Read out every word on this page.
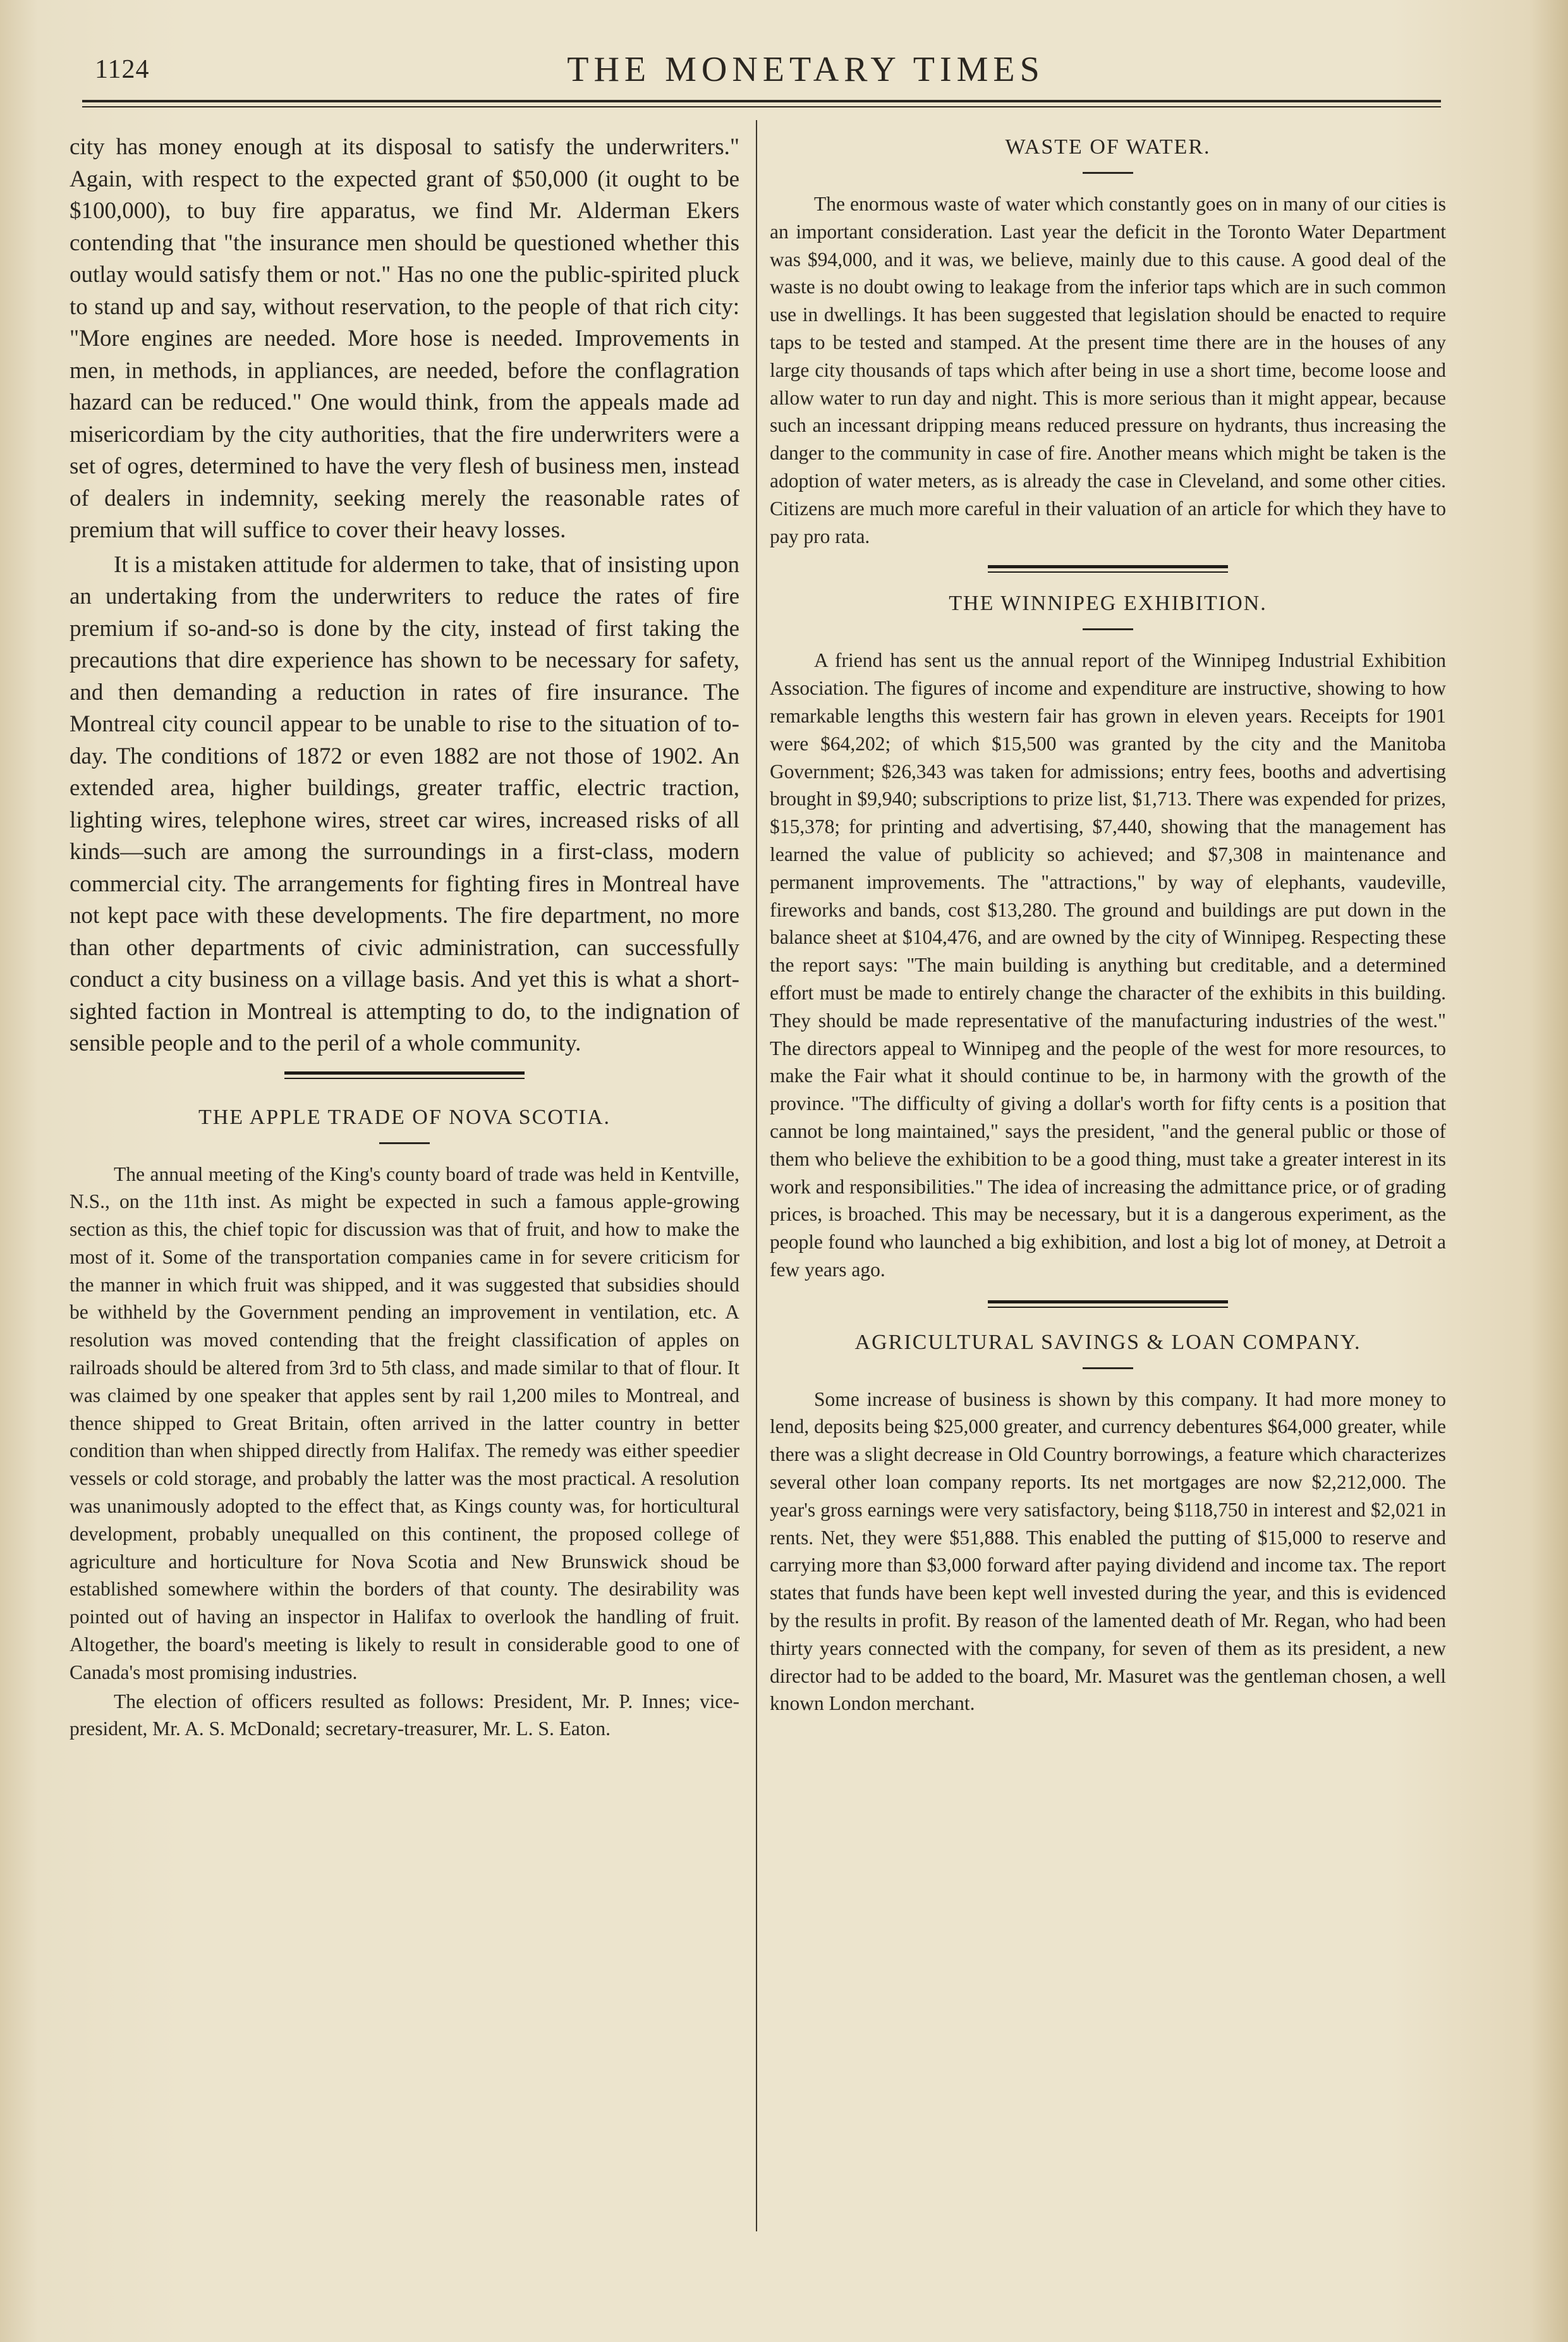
1124	THE MONETARY TIMES

city has money enough at its disposal to satisfy the underwriters." Again, with respect to the expected grant of $50,000 (it ought to be $100,000), to buy fire apparatus, we find Mr. Alderman Ekers contending that "the insurance men should be questioned whether this outlay would satisfy them or not." Has no one the public-spirited pluck to stand up and say, without reservation, to the people of that rich city: "More engines are needed. More hose is needed. Improvements in men, in methods, in appliances, are needed, before the conflagration hazard can be reduced." One would think, from the appeals made ad misericordiam by the city authorities, that the fire underwriters were a set of ogres, determined to have the very flesh of business men, instead of dealers in indemnity, seeking merely the reasonable rates of premium that will suffice to cover their heavy losses.

It is a mistaken attitude for aldermen to take, that of insisting upon an undertaking from the underwriters to reduce the rates of fire premium if so-and-so is done by the city, instead of first taking the precautions that dire experience has shown to be necessary for safety, and then demanding a reduction in rates of fire insurance. The Montreal city council appear to be unable to rise to the situation of to-day. The conditions of 1872 or even 1882 are not those of 1902. An extended area, higher buildings, greater traffic, electric traction, lighting wires, telephone wires, street car wires, increased risks of all kinds—such are among the surroundings in a first-class, modern commercial city. The arrangements for fighting fires in Montreal have not kept pace with these developments. The fire department, no more than other departments of civic administration, can successfully conduct a city business on a village basis. And yet this is what a short-sighted faction in Montreal is attempting to do, to the indignation of sensible people and to the peril of a whole community.

THE APPLE TRADE OF NOVA SCOTIA.

The annual meeting of the King's county board of trade was held in Kentville, N.S., on the 11th inst. As might be expected in such a famous apple-growing section as this, the chief topic for discussion was that of fruit, and how to make the most of it. Some of the transportation companies came in for severe criticism for the manner in which fruit was shipped, and it was suggested that subsidies should be withheld by the Government pending an improvement in ventilation, etc. A resolution was moved contending that the freight classification of apples on railroads should be altered from 3rd to 5th class, and made similar to that of flour. It was claimed by one speaker that apples sent by rail 1,200 miles to Montreal, and thence shipped to Great Britain, often arrived in the latter country in better condition than when shipped directly from Halifax. The remedy was either speedier vessels or cold storage, and probably the latter was the most practical. A resolution was unanimously adopted to the effect that, as Kings county was, for horticultural development, probably unequalled on this continent, the proposed college of agriculture and horticulture for Nova Scotia and New Brunswick shoud be established somewhere within the borders of that county. The desirability was pointed out of having an inspector in Halifax to overlook the handling of fruit. Altogether, the board's meeting is likely to result in considerable good to one of Canada's most promising industries.

The election of officers resulted as follows: President, Mr. P. Innes; vice-president, Mr. A. S. McDonald; secretary-treasurer, Mr. L. S. Eaton.

WASTE OF WATER.

The enormous waste of water which constantly goes on in many of our cities is an important consideration. Last year the deficit in the Toronto Water Department was $94,000, and it was, we believe, mainly due to this cause. A good deal of the waste is no doubt owing to leakage from the inferior taps which are in such common use in dwellings. It has been suggested that legislation should be enacted to require taps to be tested and stamped. At the present time there are in the houses of any large city thousands of taps which after being in use a short time, become loose and allow water to run day and night. This is more serious than it might appear, because such an incessant dripping means reduced pressure on hydrants, thus increasing the danger to the community in case of fire. Another means which might be taken is the adoption of water meters, as is already the case in Cleveland, and some other cities. Citizens are much more careful in their valuation of an article for which they have to pay pro rata.

THE WINNIPEG EXHIBITION.

A friend has sent us the annual report of the Winnipeg Industrial Exhibition Association. The figures of income and expenditure are instructive, showing to how remarkable lengths this western fair has grown in eleven years. Receipts for 1901 were $64,202; of which $15,500 was granted by the city and the Manitoba Government; $26,343 was taken for admissions; entry fees, booths and advertising brought in $9,940; subscriptions to prize list, $1,713. There was expended for prizes, $15,378; for printing and advertising, $7,440, showing that the management has learned the value of publicity so achieved; and $7,308 in maintenance and permanent improvements. The "attractions," by way of elephants, vaudeville, fireworks and bands, cost $13,280. The ground and buildings are put down in the balance sheet at $104,476, and are owned by the city of Winnipeg. Respecting these the report says: "The main building is anything but creditable, and a determined effort must be made to entirely change the character of the exhibits in this building. They should be made representative of the manufacturing industries of the west." The directors appeal to Winnipeg and the people of the west for more resources, to make the Fair what it should continue to be, in harmony with the growth of the province. "The difficulty of giving a dollar's worth for fifty cents is a position that cannot be long maintained," says the president, "and the general public or those of them who believe the exhibition to be a good thing, must take a greater interest in its work and responsibilities." The idea of increasing the admittance price, or of grading prices, is broached. This may be necessary, but it is a dangerous experiment, as the people found who launched a big exhibition, and lost a big lot of money, at Detroit a few years ago.

AGRICULTURAL SAVINGS & LOAN COMPANY.

Some increase of business is shown by this company. It had more money to lend, deposits being $25,000 greater, and currency debentures $64,000 greater, while there was a slight decrease in Old Country borrowings, a feature which characterizes several other loan company reports. Its net mortgages are now $2,212,000. The year's gross earnings were very satisfactory, being $118,750 in interest and $2,021 in rents. Net, they were $51,888. This enabled the putting of $15,000 to reserve and carrying more than $3,000 forward after paying dividend and income tax. The report states that funds have been kept well invested during the year, and this is evidenced by the results in profit. By reason of the lamented death of Mr. Regan, who had been thirty years connected with the company, for seven of them as its president, a new director had to be added to the board, Mr. Masuret was the gentleman chosen, a well known London merchant.
